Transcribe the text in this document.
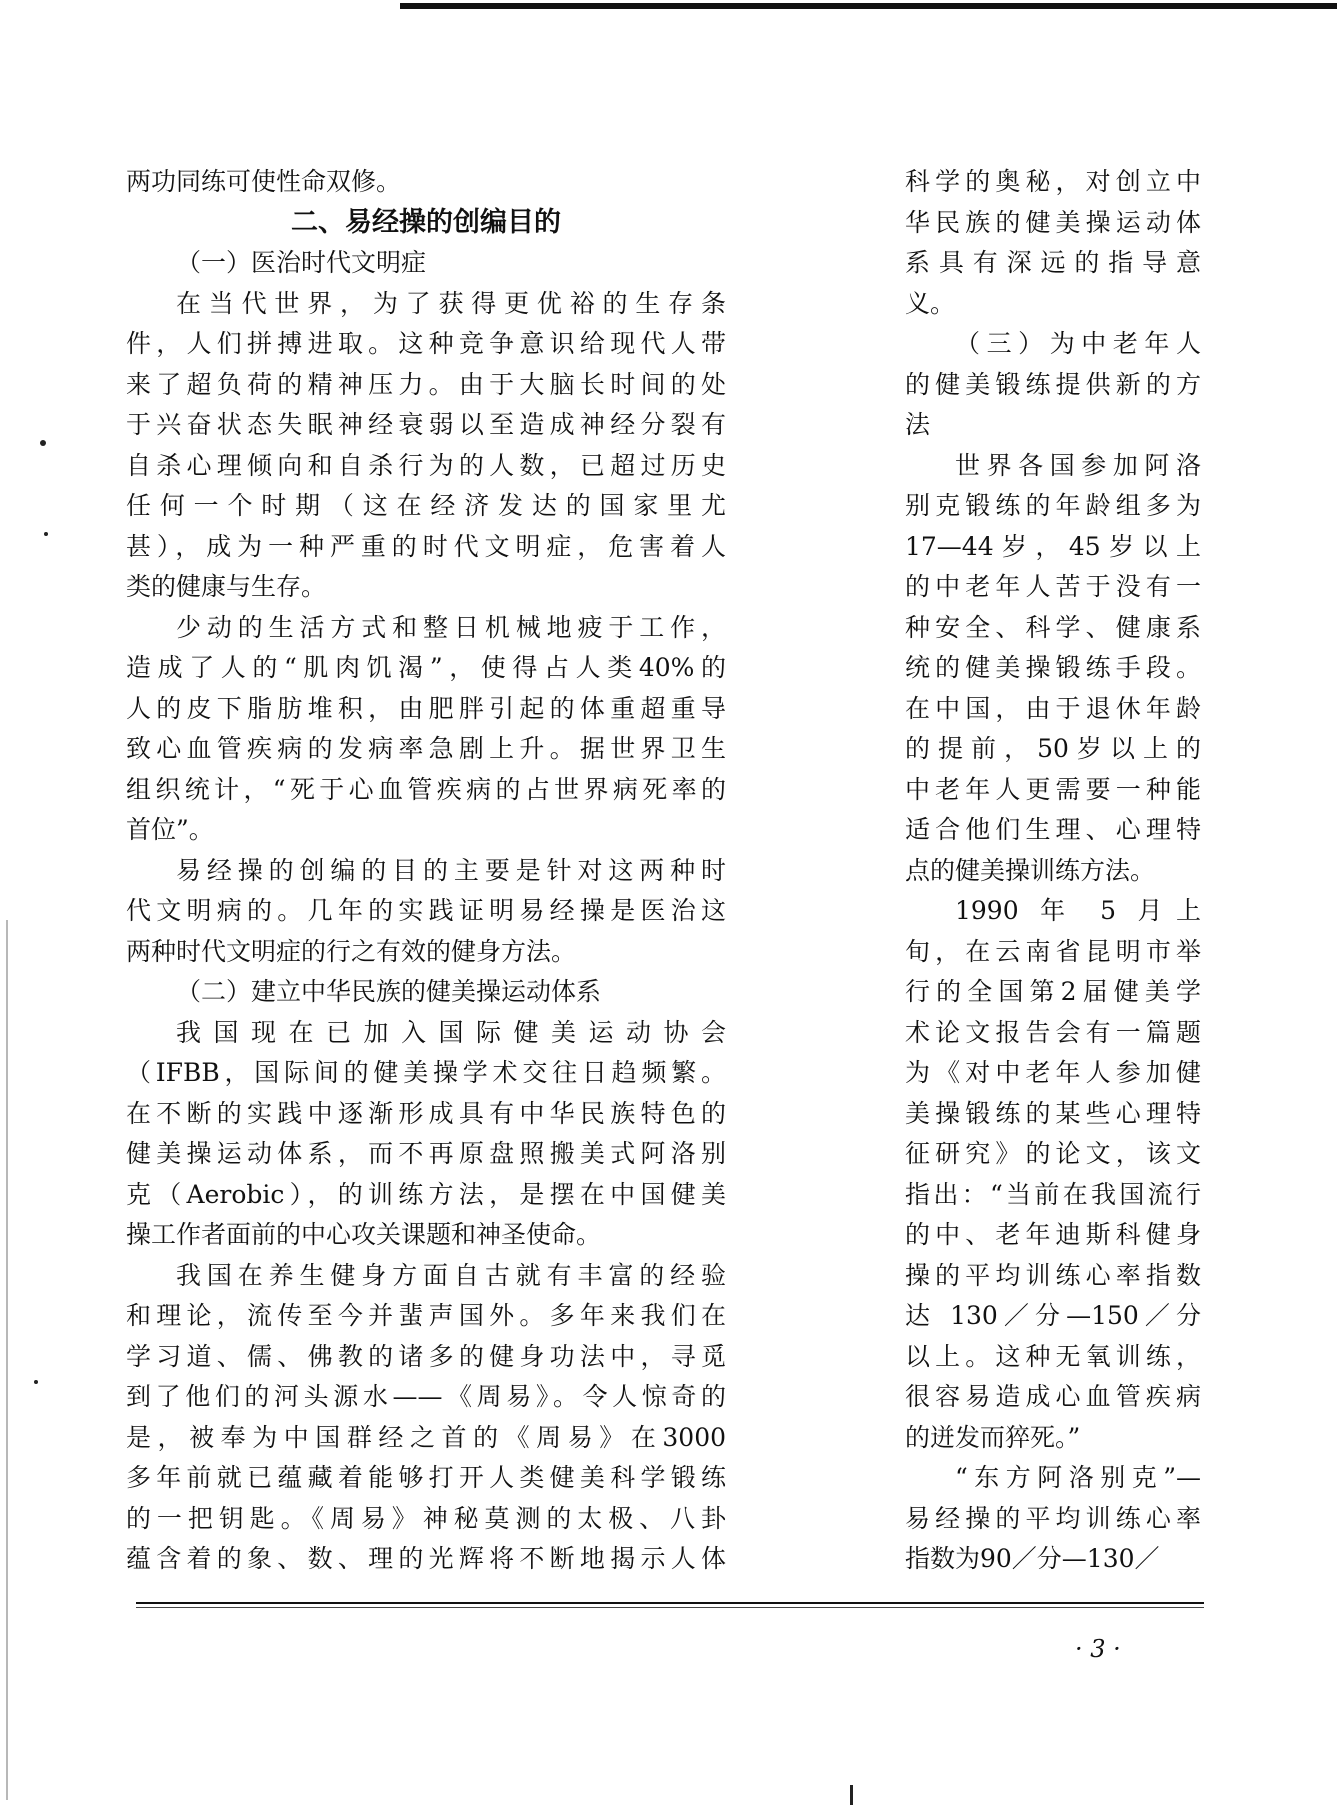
两功同练可使性命双修。
二、易经操的创编目的
（一）医治时代文明症
在当代世界，为了获得更优裕的生存条
件，人们拼搏进取。这种竞争意识给现代人带
来了超负荷的精神压力。由于大脑长时间的处
于兴奋状态失眠神经衰弱以至造成神经分裂有
自杀心理倾向和自杀行为的人数，已超过历史
任何一个时期（这在经济发达的国家里尤
甚），成为一种严重的时代文明症，危害着人
类的健康与生存。
少动的生活方式和整日机械地疲于工作，
造成了人的“肌肉饥渴”，使得占人类40%的
人的皮下脂肪堆积，由肥胖引起的体重超重导
致心血管疾病的发病率急剧上升。据世界卫生
组织统计，“死于心血管疾病的占世界病死率的
首位”。
易经操的创编的目的主要是针对这两种时
代文明病的。几年的实践证明易经操是医治这
两种时代文明症的行之有效的健身方法。
（二）建立中华民族的健美操运动体系
我国现在已加入国际健美运动协会
（IFBB，国际间的健美操学术交往日趋频繁。
在不断的实践中逐渐形成具有中华民族特色的
健美操运动体系，而不再原盘照搬美式阿洛别
克（Aerobic），的训练方法，是摆在中国健美
操工作者面前的中心攻关课题和神圣使命。
我国在养生健身方面自古就有丰富的经验
和理论，流传至今并蜚声国外。多年来我们在
学习道、儒、佛教的诸多的健身功法中，寻觅
到了他们的河头源水——《周易》。令人惊奇的
是，被奉为中国群经之首的《周易》在3000
多年前就已蕴藏着能够打开人类健美科学锻练
的一把钥匙。《周易》神秘莫测的太极、八卦
蕴含着的象、数、理的光辉将不断地揭示人体
科学的奥秘，对创立中
华民族的健美操运动体
系具有深远的指导意
义。
（三）为中老年人
的健美锻练提供新的方
法
世界各国参加阿洛
别克锻练的年龄组多为
17—44岁，45岁以上
的中老年人苦于没有一
种安全、科学、健康系
统的健美操锻练手段。
在中国，由于退休年龄
的提前，50岁以上的
中老年人更需要一种能
适合他们生理、心理特
点的健美操训练方法。
1990 年 5 月上
旬，在云南省昆明市举
行的全国第2届健美学
术论文报告会有一篇题
为《对中老年人参加健
美操锻练的某些心理特
征研究》的论文，该文
指出：“当前在我国流行
的中、老年迪斯科健身
操的平均训练心率指数
达 130／分—150／分
以上。这种无氧训练，
很容易造成心血管疾病
的迸发而猝死。”
“东方阿洛别克”—
易经操的平均训练心率
指数为90／分—130／
· 3 ·
